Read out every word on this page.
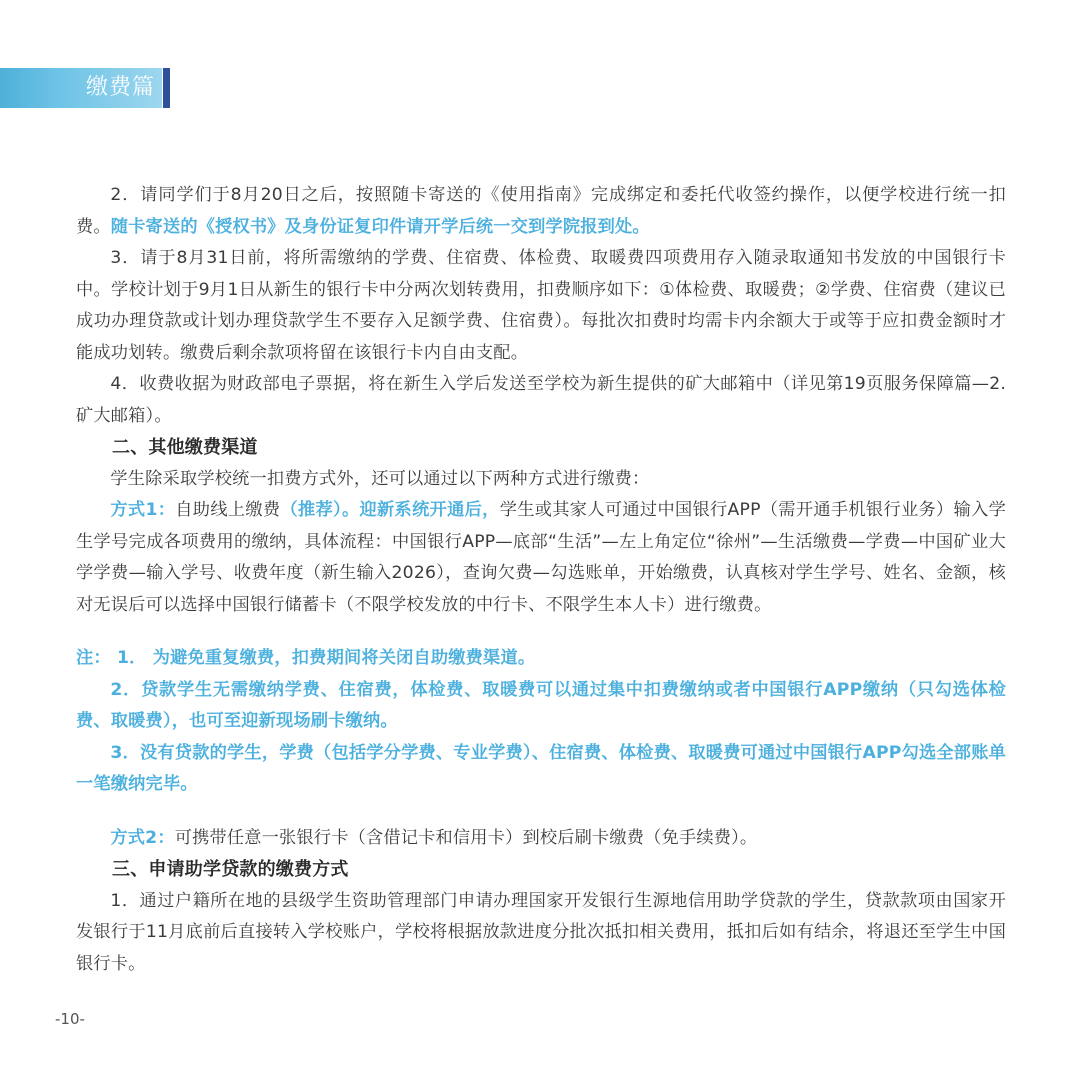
缴费篇

2．请同学们于8月20日之后，按照随卡寄送的《使用指南》完成绑定和委托代收签约操作，以便学校进行统一扣费。随卡寄送的《授权书》及身份证复印件请开学后统一交到学院报到处。

3．请于8月31日前，将所需缴纳的学费、住宿费、体检费、取暖费四项费用存入随录取通知书发放的中国银行卡中。学校计划于9月1日从新生的银行卡中分两次划转费用，扣费顺序如下：①体检费、取暖费；②学费、住宿费（建议已成功办理贷款或计划办理贷款学生不要存入足额学费、住宿费）。每批次扣费时均需卡内余额大于或等于应扣费金额时才能成功划转。缴费后剩余款项将留在该银行卡内自由支配。

4．收费收据为财政部电子票据，将在新生入学后发送至学校为新生提供的矿大邮箱中（详见第19页服务保障篇—2.矿大邮箱）。

二、其他缴费渠道

学生除采取学校统一扣费方式外，还可以通过以下两种方式进行缴费：

方式1：自助线上缴费（推荐）。迎新系统开通后，学生或其家人可通过中国银行APP（需开通手机银行业务）输入学生学号完成各项费用的缴纳，具体流程：中国银行APP—底部“生活”—左上角定位“徐州”—生活缴费—学费—中国矿业大学学费—输入学号、收费年度（新生输入2026），查询欠费—勾选账单，开始缴费，认真核对学生学号、姓名、金额，核对无误后可以选择中国银行储蓄卡（不限学校发放的中行卡、不限学生本人卡）进行缴费。

注： 1． 为避免重复缴费，扣费期间将关闭自助缴费渠道。

2．贷款学生无需缴纳学费、住宿费，体检费、取暖费可以通过集中扣费缴纳或者中国银行APP缴纳（只勾选体检费、取暖费），也可至迎新现场刷卡缴纳。

3．没有贷款的学生，学费（包括学分学费、专业学费）、住宿费、体检费、取暖费可通过中国银行APP勾选全部账单一笔缴纳完毕。

方式2：可携带任意一张银行卡（含借记卡和信用卡）到校后刷卡缴费（免手续费）。

三、申请助学贷款的缴费方式

1．通过户籍所在地的县级学生资助管理部门申请办理国家开发银行生源地信用助学贷款的学生，贷款款项由国家开发银行于11月底前后直接转入学校账户，学校将根据放款进度分批次抵扣相关费用，抵扣后如有结余，将退还至学生中国银行卡。

-10-
